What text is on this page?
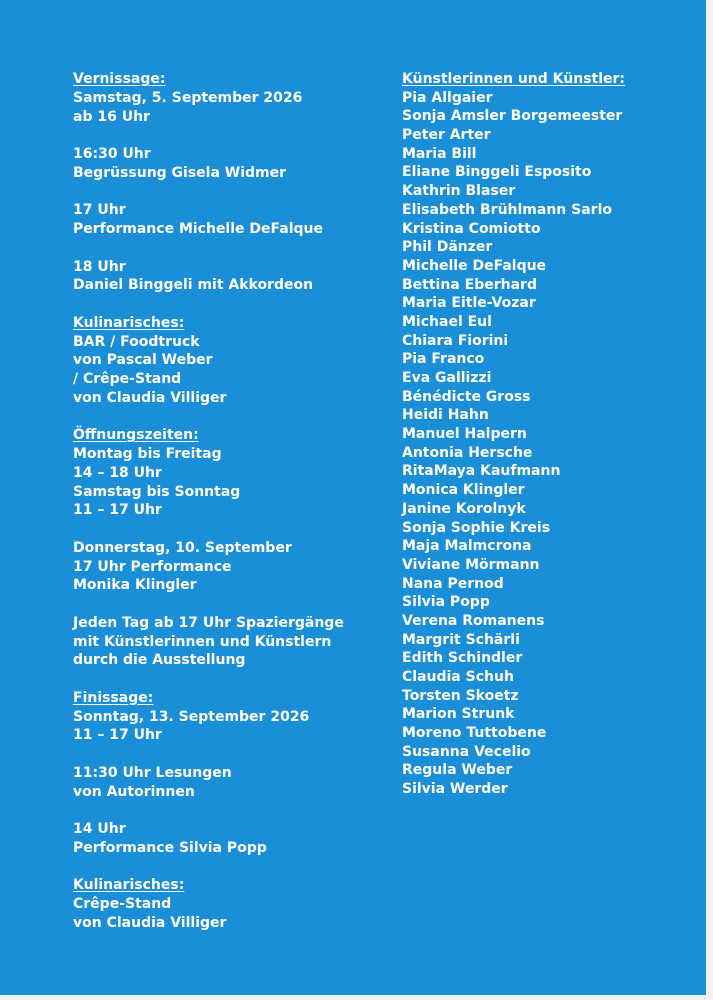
Vernissage:
Samstag, 5. September 2026
ab 16 Uhr
16:30 Uhr
Begrüssung Gisela Widmer
17 Uhr
Performance Michelle DeFalque
18 Uhr
Daniel Binggeli mit Akkordeon
Kulinarisches:
BAR / Foodtruck
von Pascal Weber
/ Crêpe-Stand
von Claudia Villiger
Öffnungszeiten:
Montag bis Freitag
14 – 18 Uhr
Samstag bis Sonntag
11 – 17 Uhr
Donnerstag, 10. September
17 Uhr Performance
Monika Klingler
Jeden Tag ab 17 Uhr Spaziergänge
mit Künstlerinnen und Künstlern
durch die Ausstellung
Finissage:
Sonntag, 13. September 2026
11 – 17 Uhr
11:30 Uhr Lesungen
von Autorinnen
14 Uhr
Performance Silvia Popp
Kulinarisches:
Crêpe-Stand
von Claudia Villiger
Künstlerinnen und Künstler:
Pia Allgaier
Sonja Amsler Borgemeester
Peter Arter
Maria Bill
Eliane Binggeli Esposito
Kathrin Blaser
Elisabeth Brühlmann Sarlo
Kristina Comiotto
Phil Dänzer
Michelle DeFalque
Bettina Eberhard
Maria Eitle-Vozar
Michael Eul
Chiara Fiorini
Pia Franco
Eva Gallizzi
Bénédicte Gross
Heidi Hahn
Manuel Halpern
Antonia Hersche
RitaMaya Kaufmann
Monica Klingler
Janine Korolnyk
Sonja Sophie Kreis
Maja Malmcrona
Viviane Mörmann
Nana Pernod
Silvia Popp
Verena Romanens
Margrit Schärli
Edith Schindler
Claudia Schuh
Torsten Skoetz
Marion Strunk
Moreno Tuttobene
Susanna Vecelio
Regula Weber
Silvia Werder
